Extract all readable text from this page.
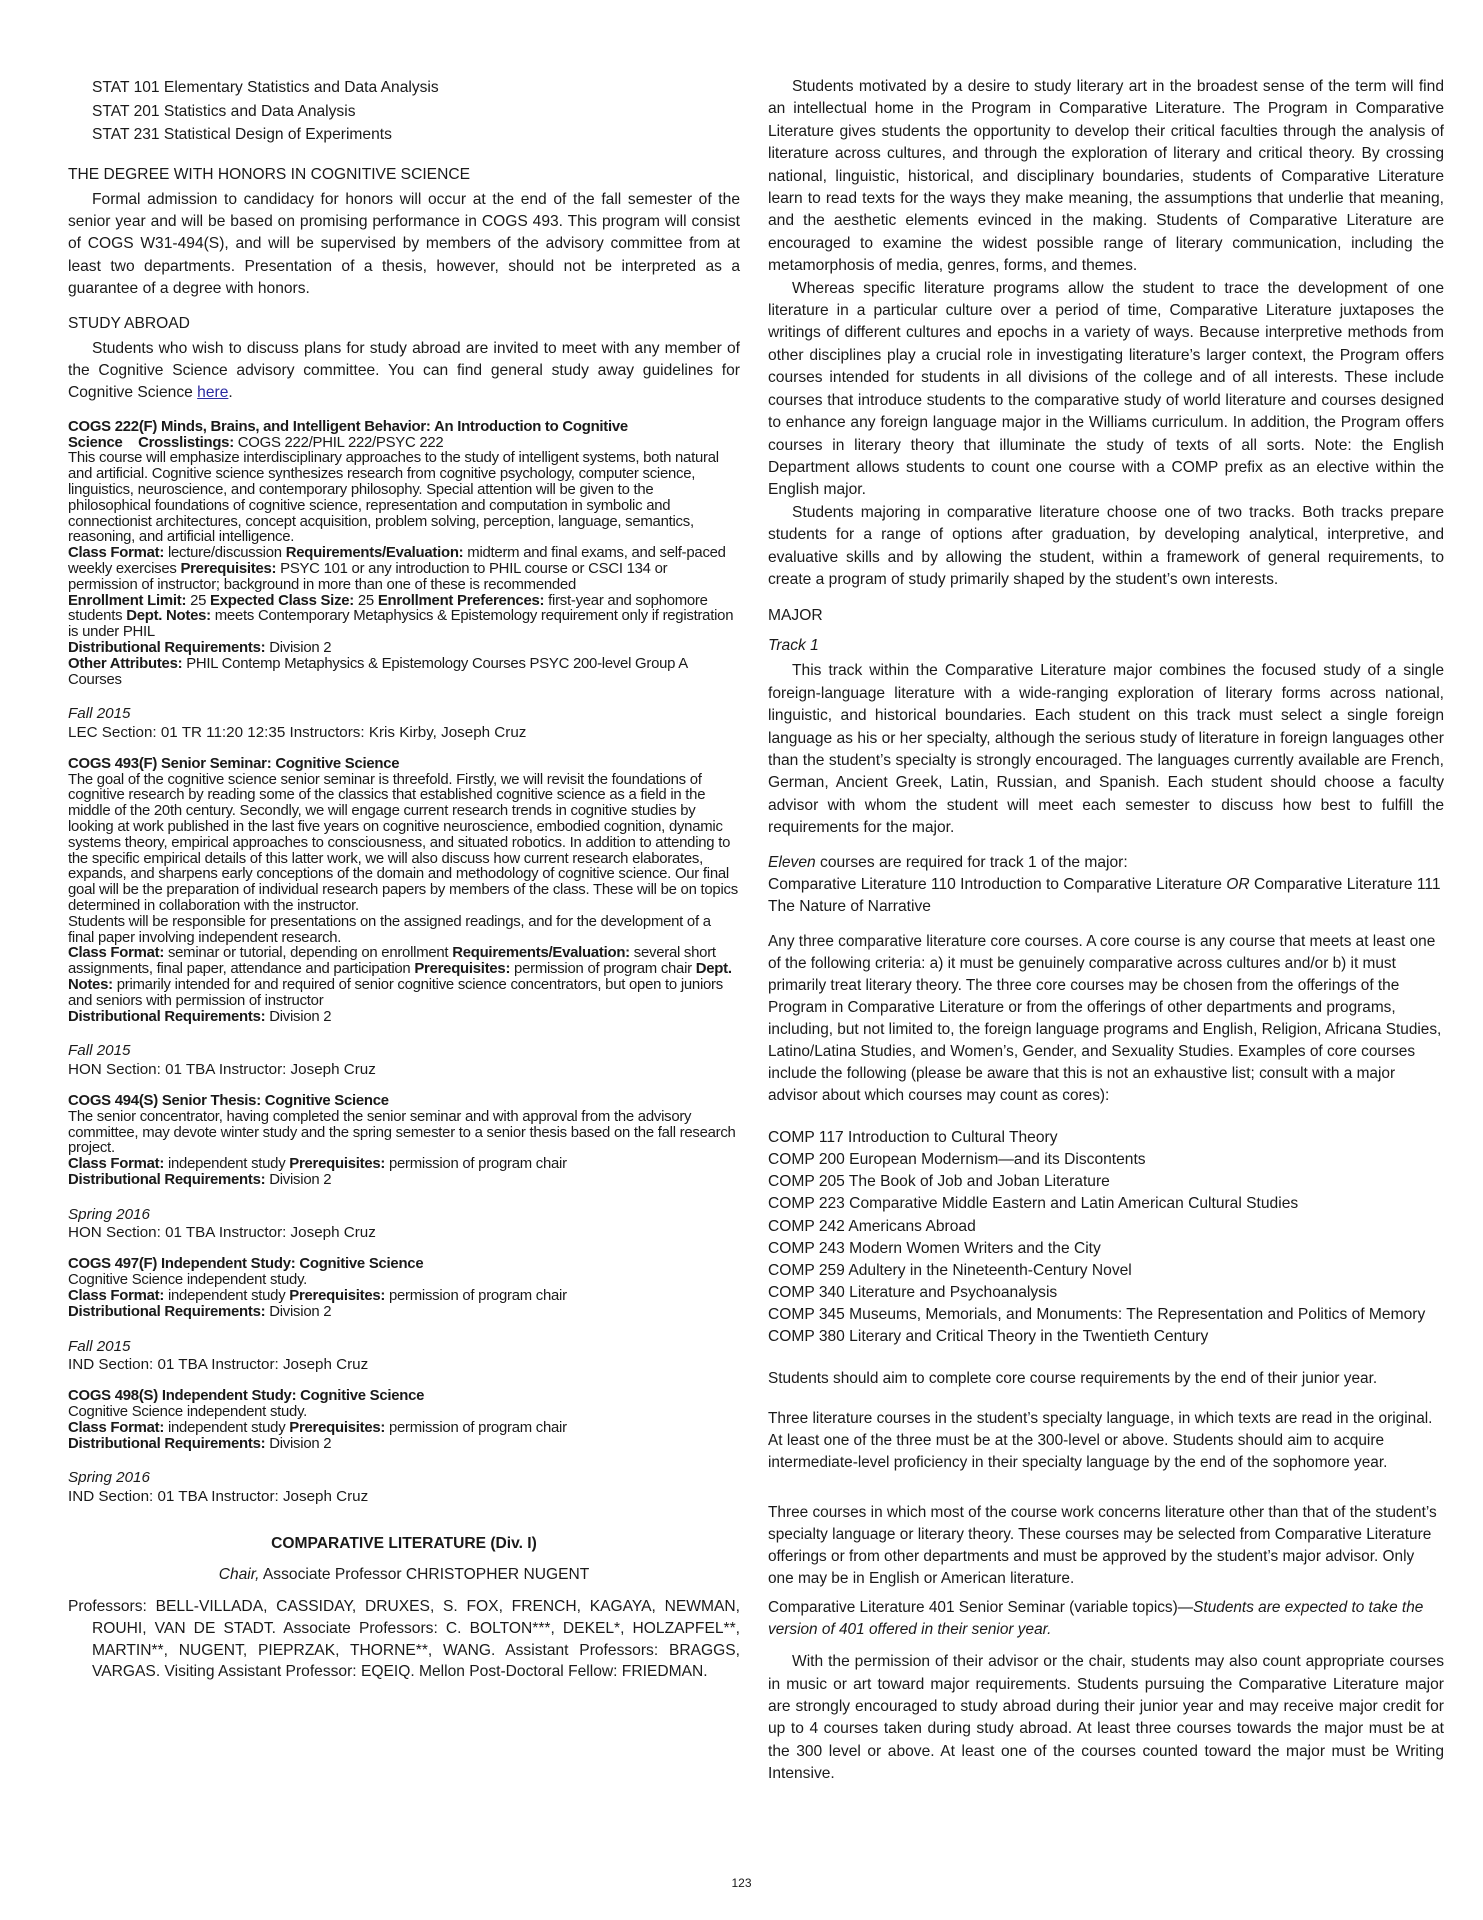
STAT 101 Elementary Statistics and Data Analysis

STAT 201 Statistics and Data Analysis

STAT 231 Statistical Design of Experiments

THE DEGREE WITH HONORS IN COGNITIVE SCIENCE

Formal admission to candidacy for honors will occur at the end of the fall semester of the senior year and will be based on promising performance in COGS 493. This program will consist of COGS W31-494(S), and will be supervised by members of the advisory committee from at least two departments. Presentation of a thesis, however, should not be interpreted as a guarantee of a degree with honors.

STUDY ABROAD

Students who wish to discuss plans for study abroad are invited to meet with any member of the Cognitive Science advisory committee. You can find general study away guidelines for Cognitive Science here.

COGS 222(F) Minds, Brains, and Intelligent Behavior: An Introduction to Cognitive Science Crosslistings: COGS 222/PHIL 222/PSYC 222
This course will emphasize interdisciplinary approaches to the study of intelligent systems, both natural and artificial. Cognitive science synthesizes research from cognitive psychology, computer science, linguistics, neuroscience, and contemporary philosophy. Special attention will be given to the philosophical foundations of cognitive science, representation and computation in symbolic and connectionist architectures, concept acquisition, problem solving, perception, language, semantics, reasoning, and artificial intelligence.
Class Format: lecture/discussion Requirements/Evaluation: midterm and final exams, and self-paced weekly exercises Prerequisites: PSYC 101 or any introduction to PHIL course or CSCI 134 or permission of instructor; background in more than one of these is recommended
Enrollment Limit: 25 Expected Class Size: 25 Enrollment Preferences: first-year and sophomore students Dept. Notes: meets Contemporary Metaphysics & Epistemology requirement only if registration is under PHIL
Distributional Requirements: Division 2
Other Attributes: PHIL Contemp Metaphysics & Epistemology Courses PSYC 200-level Group A Courses
Fall 2015
LEC Section: 01 TR 11:20 12:35 Instructors: Kris Kirby, Joseph Cruz
COGS 493(F) Senior Seminar: Cognitive Science
The goal of the cognitive science senior seminar is threefold. Firstly, we will revisit the foundations of cognitive research by reading some of the classics that established cognitive science as a field in the middle of the 20th century. Secondly, we will engage current research trends in cognitive studies by looking at work published in the last five years on cognitive neuroscience, embodied cognition, dynamic systems theory, empirical approaches to consciousness, and situated robotics. In addition to attending to the specific empirical details of this latter work, we will also discuss how current research elaborates, expands, and sharpens early conceptions of the domain and methodology of cognitive science. Our final goal will be the preparation of individual research papers by members of the class. These will be on topics determined in collaboration with the instructor.
Students will be responsible for presentations on the assigned readings, and for the development of a final paper involving independent research.
Class Format: seminar or tutorial, depending on enrollment Requirements/Evaluation: several short assignments, final paper, attendance and participation Prerequisites: permission of program chair Dept. Notes: primarily intended for and required of senior cognitive science concentrators, but open to juniors and seniors with permission of instructor
Distributional Requirements: Division 2
Fall 2015
HON Section: 01 TBA Instructor: Joseph Cruz
COGS 494(S) Senior Thesis: Cognitive Science
The senior concentrator, having completed the senior seminar and with approval from the advisory committee, may devote winter study and the spring semester to a senior thesis based on the fall research project.
Class Format: independent study Prerequisites: permission of program chair
Distributional Requirements: Division 2
Spring 2016
HON Section: 01 TBA Instructor: Joseph Cruz
COGS 497(F) Independent Study: Cognitive Science
Cognitive Science independent study.
Class Format: independent study Prerequisites: permission of program chair
Distributional Requirements: Division 2
Fall 2015
IND Section: 01 TBA Instructor: Joseph Cruz
COGS 498(S) Independent Study: Cognitive Science
Cognitive Science independent study.
Class Format: independent study Prerequisites: permission of program chair
Distributional Requirements: Division 2
Spring 2016
IND Section: 01 TBA Instructor: Joseph Cruz

COMPARATIVE LITERATURE (Div. I)

Chair, Associate Professor CHRISTOPHER NUGENT

Professors: BELL-VILLADA, CASSIDAY, DRUXES, S. FOX, FRENCH, KAGAYA, NEWMAN, ROUHI, VAN DE STADT. Associate Professors: C. BOLTON***, DEKEL*, HOLZAPFEL**, MARTIN**, NUGENT, PIEPRZAK, THORNE**, WANG. Assistant Professors: BRAGGS, VARGAS. Visiting Assistant Professor: EQEIQ. Mellon Post-Doctoral Fellow: FRIEDMAN.

Students motivated by a desire to study literary art in the broadest sense of the term will find an intellectual home in the Program in Comparative Literature. The Program in Comparative Literature gives students the opportunity to develop their critical faculties through the analysis of literature across cultures, and through the exploration of literary and critical theory. By crossing national, linguistic, historical, and disciplinary boundaries, students of Comparative Literature learn to read texts for the ways they make meaning, the assumptions that underlie that meaning, and the aesthetic elements evinced in the making. Students of Comparative Literature are encouraged to examine the widest possible range of literary communication, including the metamorphosis of media, genres, forms, and themes.

Whereas specific literature programs allow the student to trace the development of one literature in a particular culture over a period of time, Comparative Literature juxtaposes the writings of different cultures and epochs in a variety of ways. Because interpretive methods from other disciplines play a crucial role in investigating literature’s larger context, the Program offers courses intended for students in all divisions of the college and of all interests. These include courses that introduce students to the comparative study of world literature and courses designed to enhance any foreign language major in the Williams curriculum. In addition, the Program offers courses in literary theory that illuminate the study of texts of all sorts. Note: the English Department allows students to count one course with a COMP prefix as an elective within the English major.

Students majoring in comparative literature choose one of two tracks. Both tracks prepare students for a range of options after graduation, by developing analytical, interpretive, and evaluative skills and by allowing the student, within a framework of general requirements, to create a program of study primarily shaped by the student’s own interests.

MAJOR

Track 1

This track within the Comparative Literature major combines the focused study of a single foreign-language literature with a wide-ranging exploration of literary forms across national, linguistic, and historical boundaries. Each student on this track must select a single foreign language as his or her specialty, although the serious study of literature in foreign languages other than the student’s specialty is strongly encouraged. The languages currently available are French, German, Ancient Greek, Latin, Russian, and Spanish. Each student should choose a faculty advisor with whom the student will meet each semester to discuss how best to fulfill the requirements for the major.

Eleven courses are required for track 1 of the major:

Comparative Literature 110 Introduction to Comparative Literature OR Comparative Literature 111 The Nature of Narrative

Any three comparative literature core courses. A core course is any course that meets at least one of the following criteria: a) it must be genuinely comparative across cultures and/or b) it must primarily treat literary theory. The three core courses may be chosen from the offerings of the Program in Comparative Literature or from the offerings of other departments and programs, including, but not limited to, the foreign language programs and English, Religion, Africana Studies, Latino/Latina Studies, and Women’s, Gender, and Sexuality Studies. Examples of core courses include the following (please be aware that this is not an exhaustive list; consult with a major advisor about which courses may count as cores):

COMP 117 Introduction to Cultural Theory

COMP 200 European Modernism—and its Discontents

COMP 205 The Book of Job and Joban Literature

COMP 223 Comparative Middle Eastern and Latin American Cultural Studies

COMP 242 Americans Abroad

COMP 243 Modern Women Writers and the City

COMP 259 Adultery in the Nineteenth-Century Novel

COMP 340 Literature and Psychoanalysis

COMP 345 Museums, Memorials, and Monuments: The Representation and Politics of Memory

COMP 380 Literary and Critical Theory in the Twentieth Century

Students should aim to complete core course requirements by the end of their junior year.

Three literature courses in the student’s specialty language, in which texts are read in the original. At least one of the three must be at the 300-level or above. Students should aim to acquire intermediate-level proficiency in their specialty language by the end of the sophomore year.

Three courses in which most of the course work concerns literature other than that of the student’s specialty language or literary theory. These courses may be selected from Comparative Literature offerings or from other departments and must be approved by the student’s major advisor. Only one may be in English or American literature.

Comparative Literature 401 Senior Seminar (variable topics)—Students are expected to take the version of 401 offered in their senior year.

With the permission of their advisor or the chair, students may also count appropriate courses in music or art toward major requirements. Students pursuing the Comparative Literature major are strongly encouraged to study abroad during their junior year and may receive major credit for up to 4 courses taken during study abroad. At least three courses towards the major must be at the 300 level or above. At least one of the courses counted toward the major must be Writing Intensive.

123
